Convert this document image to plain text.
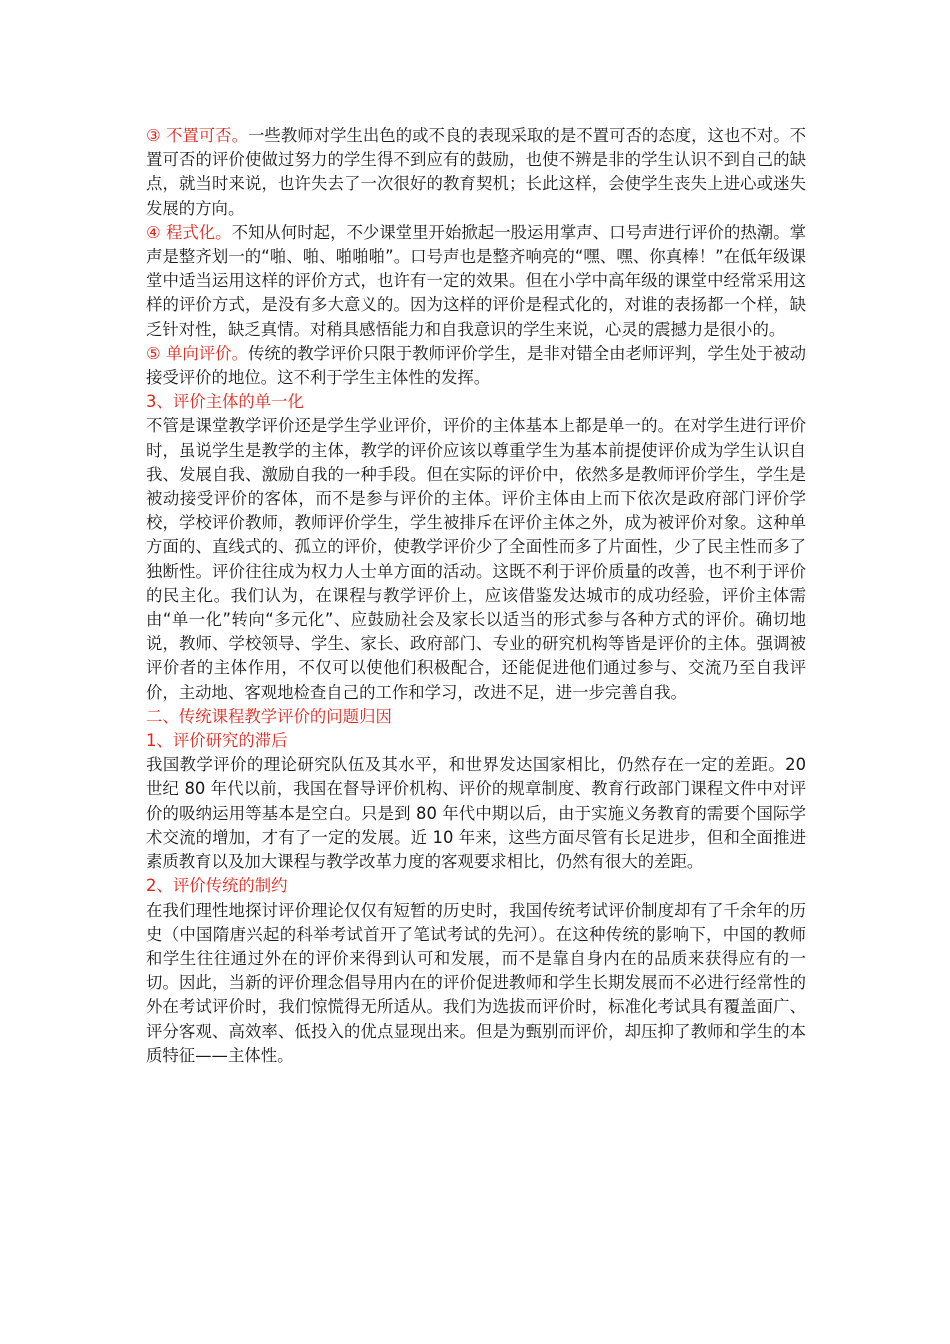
③ 不置可否。一些教师对学生出色的或不良的表现采取的是不置可否的态度，这也不对。不置可否的评价使做过努力的学生得不到应有的鼓励，也使不辨是非的学生认识不到自己的缺点，就当时来说，也许失去了一次很好的教育契机；长此这样，会使学生丧失上进心或迷失发展的方向。

④ 程式化。不知从何时起，不少课堂里开始掀起一股运用掌声、口号声进行评价的热潮。掌声是整齐划一的“啪、啪、啪啪啪”。口号声也是整齐响亮的“嘿、嘿、你真棒！”在低年级课堂中适当运用这样的评价方式，也许有一定的效果。但在小学中高年级的课堂中经常采用这样的评价方式，是没有多大意义的。因为这样的评价是程式化的，对谁的表扬都一个样，缺乏针对性，缺乏真情。对稍具感悟能力和自我意识的学生来说，心灵的震撼力是很小的。

⑤ 单向评价。传统的教学评价只限于教师评价学生，是非对错全由老师评判，学生处于被动接受评价的地位。这不利于学生主体性的发挥。

3、评价主体的单一化

不管是课堂教学评价还是学生学业评价，评价的主体基本上都是单一的。在对学生进行评价时，虽说学生是教学的主体，教学的评价应该以尊重学生为基本前提使评价成为学生认识自我、发展自我、激励自我的一种手段。但在实际的评价中，依然多是教师评价学生，学生是被动接受评价的客体，而不是参与评价的主体。评价主体由上而下依次是政府部门评价学校，学校评价教师，教师评价学生，学生被排斥在评价主体之外，成为被评价对象。这种单方面的、直线式的、孤立的评价，使教学评价少了全面性而多了片面性，少了民主性而多了独断性。评价往往成为权力人士单方面的活动。这既不利于评价质量的改善，也不利于评价的民主化。我们认为，在课程与教学评价上，应该借鉴发达城市的成功经验，评价主体需由“单一化”转向“多元化”、应鼓励社会及家长以适当的形式参与各种方式的评价。确切地说，教师、学校领导、学生、家长、政府部门、专业的研究机构等皆是评价的主体。强调被评价者的主体作用，不仅可以使他们积极配合，还能促进他们通过参与、交流乃至自我评价，主动地、客观地检查自己的工作和学习，改进不足，进一步完善自我。

二、传统课程教学评价的问题归因

1、评价研究的滞后

我国教学评价的理论研究队伍及其水平，和世界发达国家相比，仍然存在一定的差距。20 世纪 80 年代以前，我国在督导评价机构、评价的规章制度、教育行政部门课程文件中对评价的吸纳运用等基本是空白。只是到 80 年代中期以后，由于实施义务教育的需要个国际学术交流的增加，才有了一定的发展。近 10 年来，这些方面尽管有长足进步，但和全面推进素质教育以及加大课程与教学改革力度的客观要求相比，仍然有很大的差距。

2、评价传统的制约

在我们理性地探讨评价理论仅仅有短暂的历史时，我国传统考试评价制度却有了千余年的历史（中国隋唐兴起的科举考试首开了笔试考试的先河）。在这种传统的影响下，中国的教师和学生往往通过外在的评价来得到认可和发展，而不是靠自身内在的品质来获得应有的一切。因此，当新的评价理念倡导用内在的评价促进教师和学生长期发展而不必进行经常性的外在考试评价时，我们惊慌得无所适从。我们为选拔而评价时，标准化考试具有覆盖面广、评分客观、高效率、低投入的优点显现出来。但是为甄别而评价，却压抑了教师和学生的本质特征——主体性。
